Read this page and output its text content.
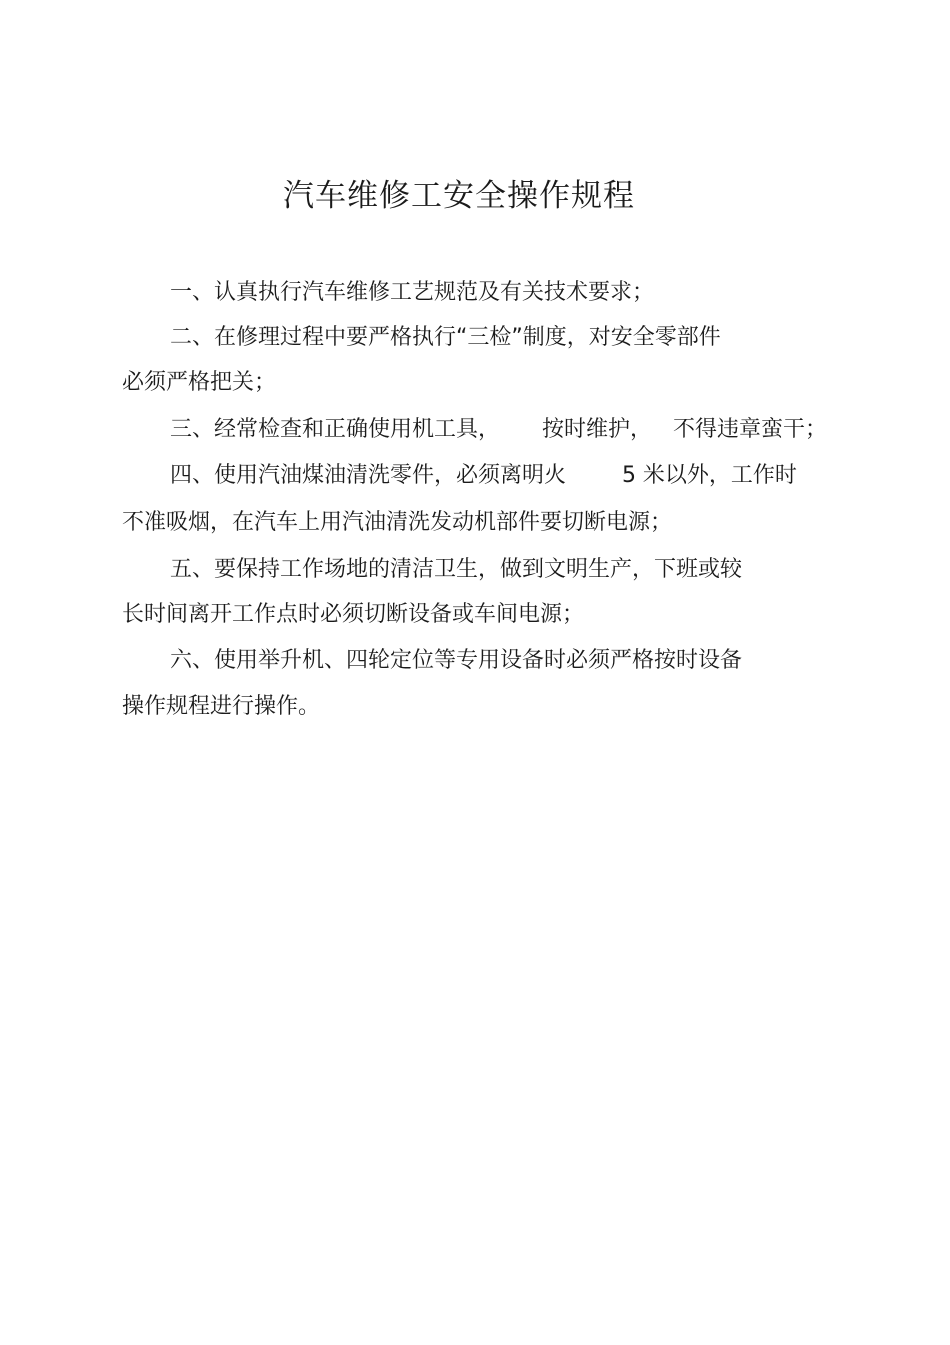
汽车维修工安全操作规程

一、认真执行汽车维修工艺规范及有关技术要求；

二、在修理过程中要严格执行“三检”制度，对安全零部件

必须严格把关；

三、经常检查和正确使用机工具，      按时维护，   不得违章蛮干；

四、使用汽油煤油清洗零件，必须离明火        5 米以外，工作时

不准吸烟，在汽车上用汽油清洗发动机部件要切断电源；

五、要保持工作场地的清洁卫生，做到文明生产，下班或较

长时间离开工作点时必须切断设备或车间电源；

六、使用举升机、四轮定位等专用设备时必须严格按时设备

操作规程进行操作。
